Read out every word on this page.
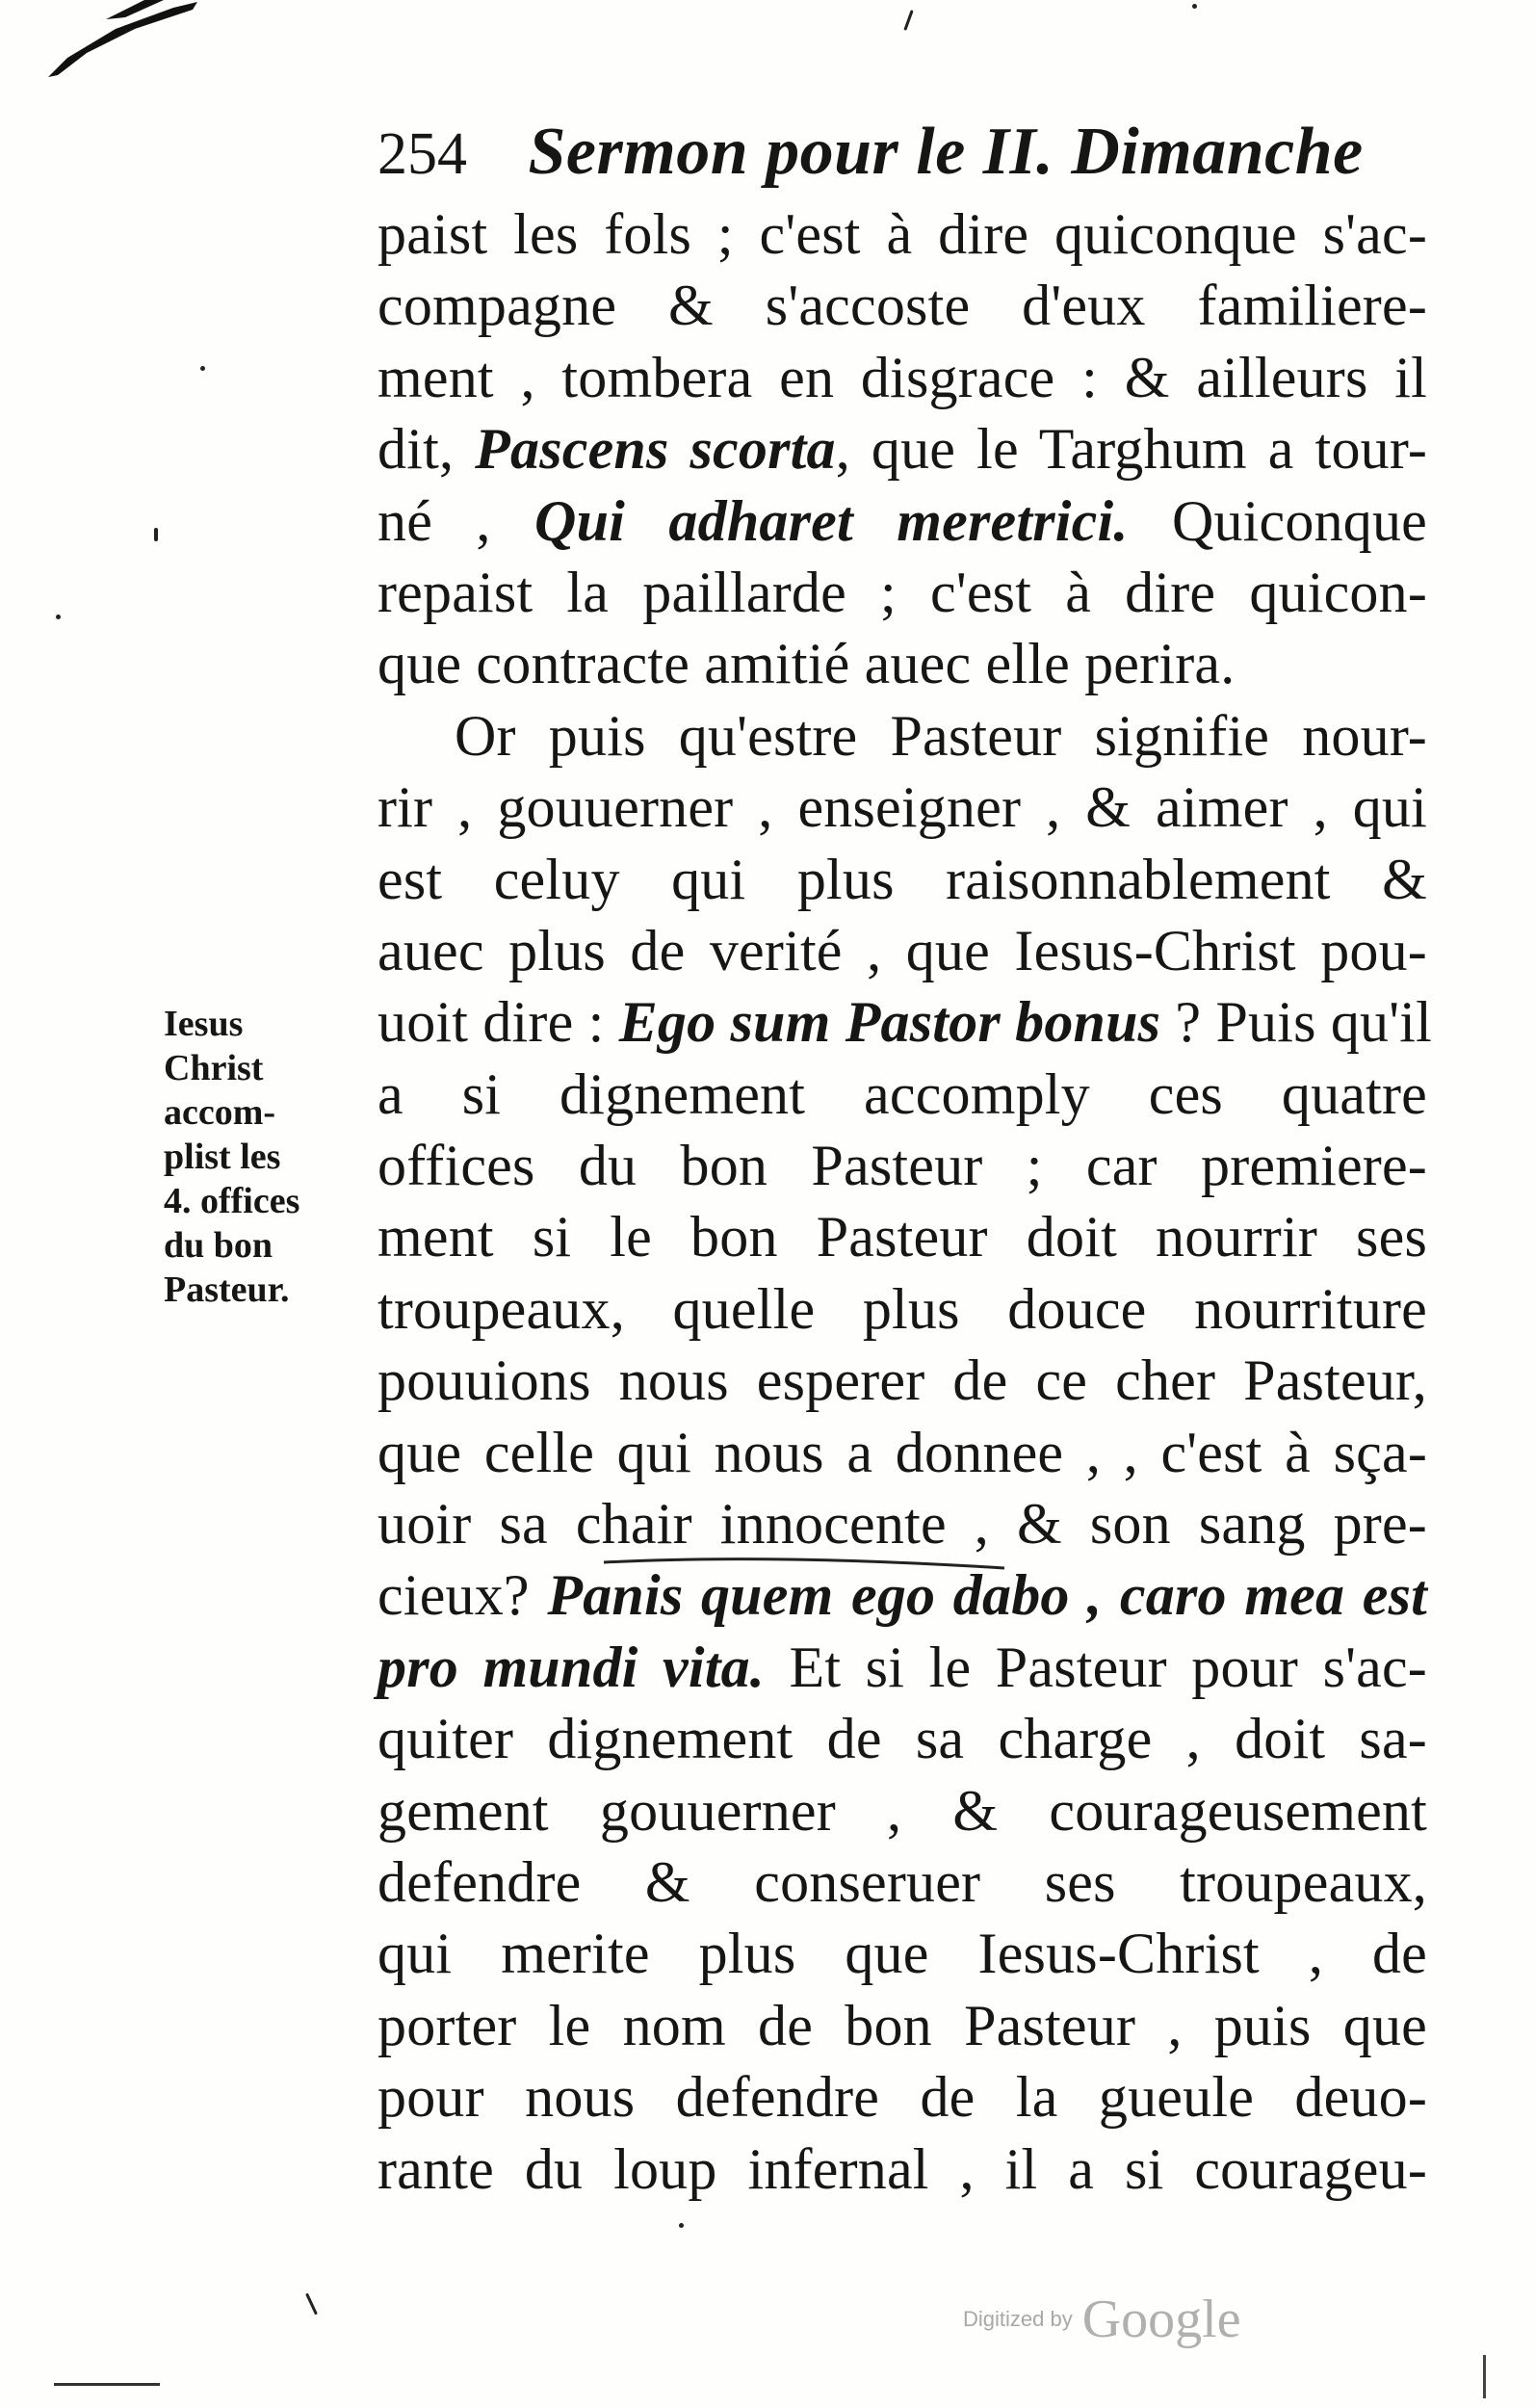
254 Sermon pour le II. Dimanche
paist les fols ; c'est à dire quiconque s'ac-
compagne & s'accoste d'eux familiere-
ment , tombera en disgrace : & ailleurs il
dit, Pascens scorta, que le Targhum a tour-
né , Qui adharet meretrici. Quiconque
repaist la paillarde ; c'est à dire quicon-
que contracte amitié auec elle perira.
Or puis qu'estre Pasteur signifie nour-
rir , gouuerner , enseigner , & aimer , qui
est celuy qui plus raisonnablement &
auec plus de verité , que Iesus-Christ pou-
uoit dire : Ego sum Pastor bonus ? Puis qu'il
a si dignement accomply ces quatre
offices du bon Pasteur ; car premiere-
ment si le bon Pasteur doit nourrir ses
troupeaux, quelle plus douce nourriture
pouuions nous esperer de ce cher Pasteur,
que celle qui nous a donnee , , c'est à sça-
uoir sa chair innocente , & son sang pre-
cieux? Panis quem ego dabo , caro mea est
pro mundi vita. Et si le Pasteur pour s'ac-
quiter dignement de sa charge , doit sa-
gement gouuerner , & courageusement
defendre & conseruer ses troupeaux,
qui merite plus que Iesus-Christ , de
porter le nom de bon Pasteur , puis que
pour nous defendre de la gueule deuo-
rante du loup infernal , il a si courageu-
Iesus
Christ
accom-
plist les
4. offices
du bon
Pasteur.
Digitized by Google
